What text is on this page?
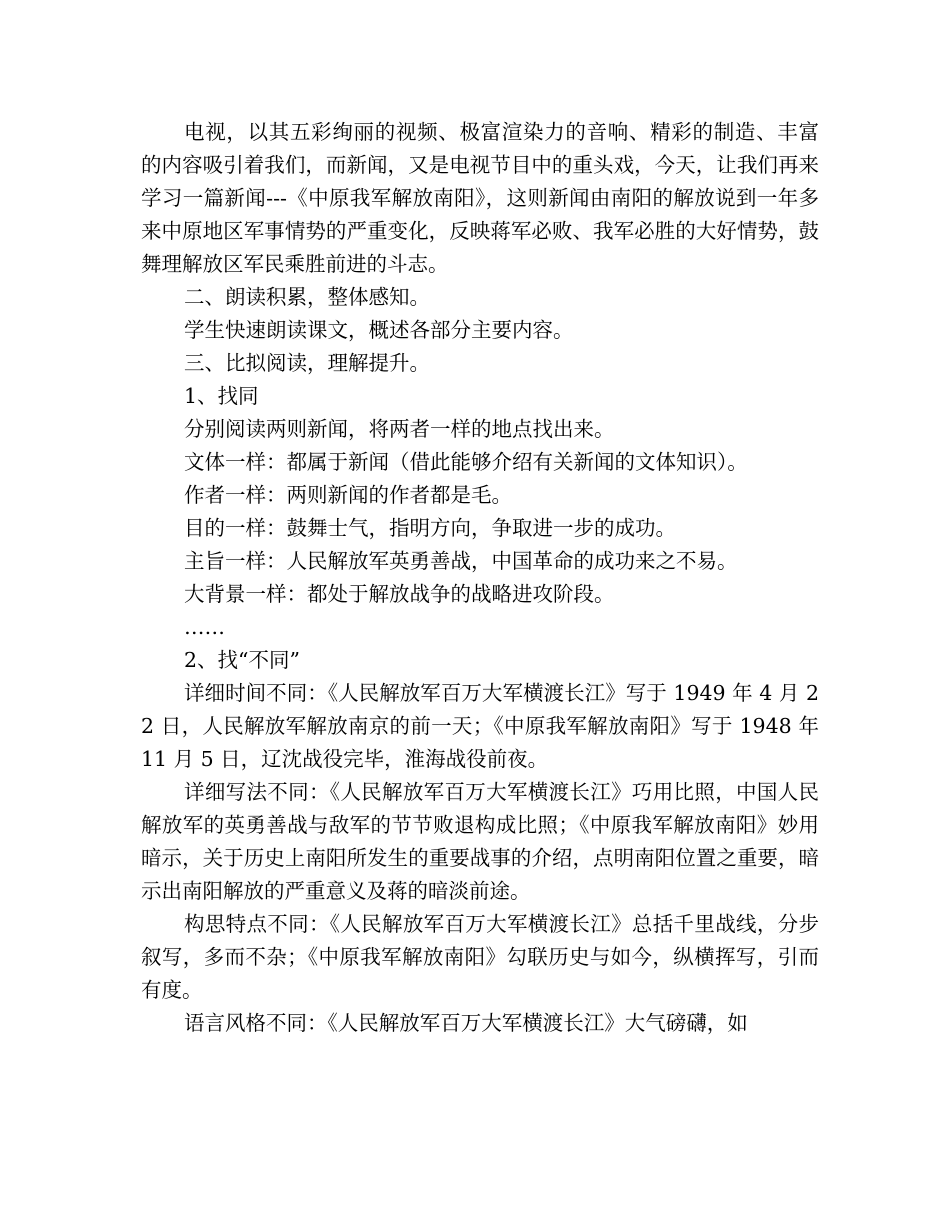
电视，以其五彩绚丽的视频、极富渲染力的音响、精彩的制造、丰富的内容吸引着我们，而新闻，又是电视节目中的重头戏，今天，让我们再来学习一篇新闻---《中原我军解放南阳》，这则新闻由南阳的解放说到一年多来中原地区军事情势的严重变化，反映蒋军必败、我军必胜的大好情势，鼓舞理解放区军民乘胜前进的斗志。

二、朗读积累，整体感知。

学生快速朗读课文，概述各部分主要内容。

三、比拟阅读，理解提升。

1、找同

分别阅读两则新闻，将两者一样的地点找出来。

文体一样：都属于新闻（借此能够介绍有关新闻的文体知识）。

作者一样：两则新闻的作者都是毛。

目的一样：鼓舞士气，指明方向，争取进一步的成功。

主旨一样：人民解放军英勇善战，中国革命的成功来之不易。

大背景一样：都处于解放战争的战略进攻阶段。

……

2、找“不同”

详细时间不同：《人民解放军百万大军横渡长江》写于 1949 年 4 月 22 日，人民解放军解放南京的前一天；《中原我军解放南阳》写于 1948 年 11 月 5 日，辽沈战役完毕，淮海战役前夜。

详细写法不同：《人民解放军百万大军横渡长江》巧用比照，中国人民解放军的英勇善战与敌军的节节败退构成比照；《中原我军解放南阳》妙用暗示，关于历史上南阳所发生的重要战事的介绍，点明南阳位置之重要，暗示出南阳解放的严重意义及蒋的暗淡前途。

构思特点不同：《人民解放军百万大军横渡长江》总括千里战线，分步叙写，多而不杂；《中原我军解放南阳》勾联历史与如今，纵横挥写，引而有度。

语言风格不同：《人民解放军百万大军横渡长江》大气磅礴，如
